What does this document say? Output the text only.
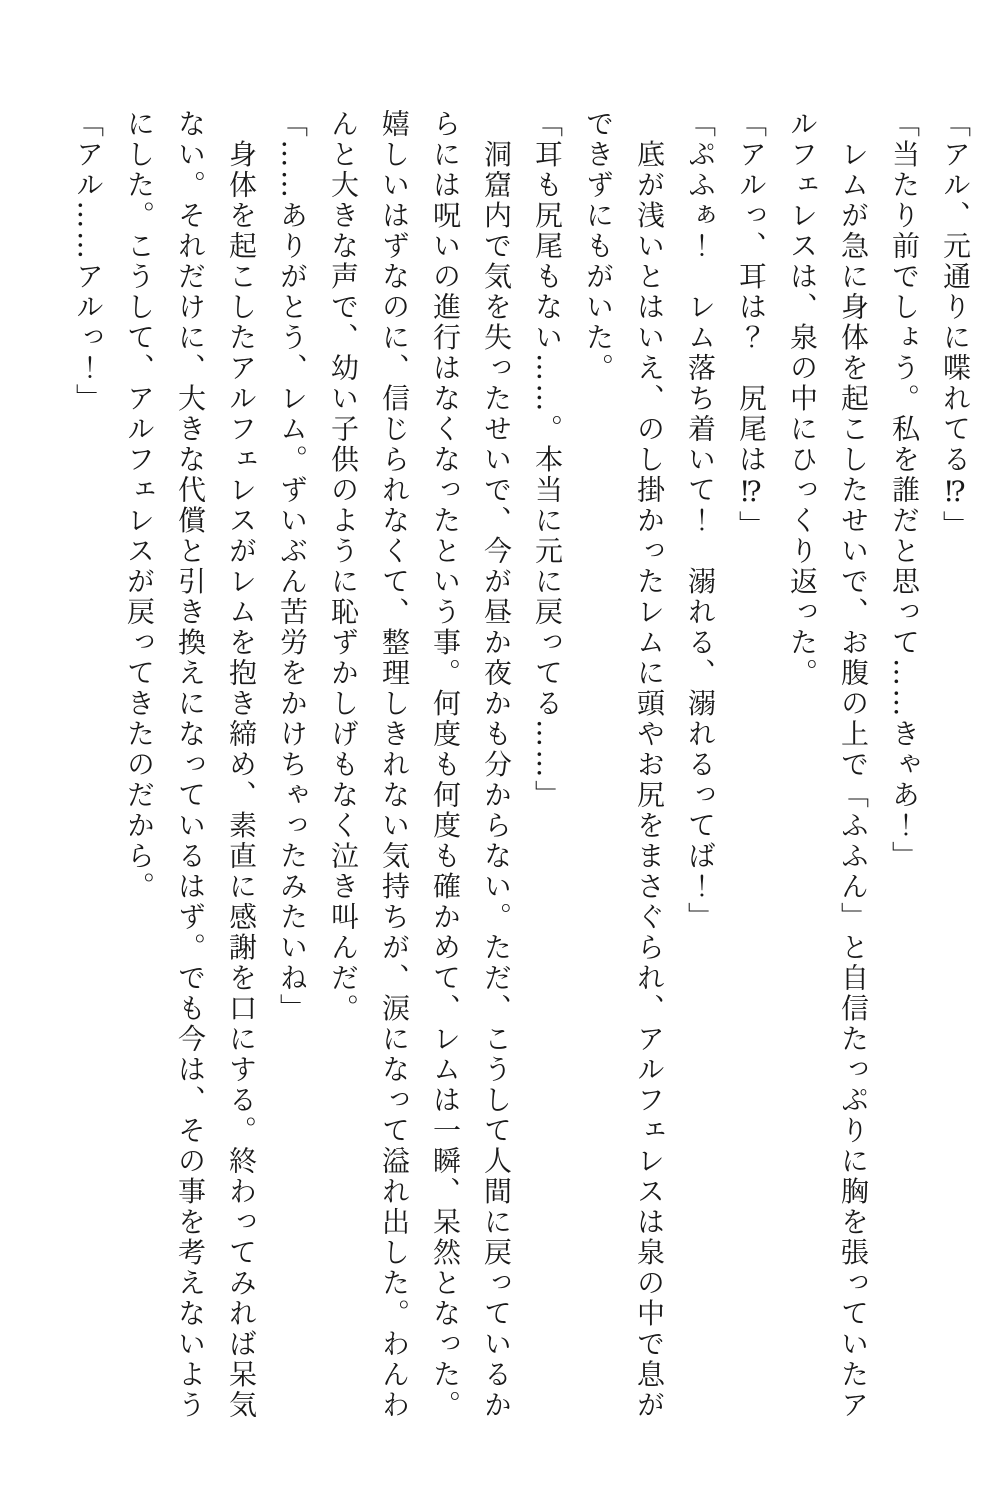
「アル、元通りに喋れてる⁉」

「当たり前でしょう。私を誰だと思って……きゃあ！」

　レムが急に身体を起こしたせいで、お腹の上で「ふふん」と自信たっぷりに胸を張っていたアルフェレスは、泉の中にひっくり返った。

「アルっ、耳は？　尻尾は⁉」

「ぷふぁ！　レム落ち着いて！　溺れる、溺れるってば！」

　底が浅いとはいえ、のし掛かったレムに頭やお尻をまさぐられ、アルフェレスは泉の中で息ができずにもがいた。

「耳も尻尾もない……。本当に元に戻ってる……」

　洞窟内で気を失ったせいで、今が昼か夜かも分からない。ただ、こうして人間に戻っているからには呪いの進行はなくなったという事。何度も何度も確かめて、レムは一瞬、呆然となった。嬉しいはずなのに、信じられなくて、整理しきれない気持ちが、涙になって溢れ出した。わんわんと大きな声で、幼い子供のように恥ずかしげもなく泣き叫んだ。

「……ありがとう、レム。ずいぶん苦労をかけちゃったみたいね」

　身体を起こしたアルフェレスがレムを抱き締め、素直に感謝を口にする。終わってみれば呆気ない。それだけに、大きな代償と引き換えになっているはず。でも今は、その事を考えないようにした。こうして、アルフェレスが戻ってきたのだから。

「アル……アルっ！」
